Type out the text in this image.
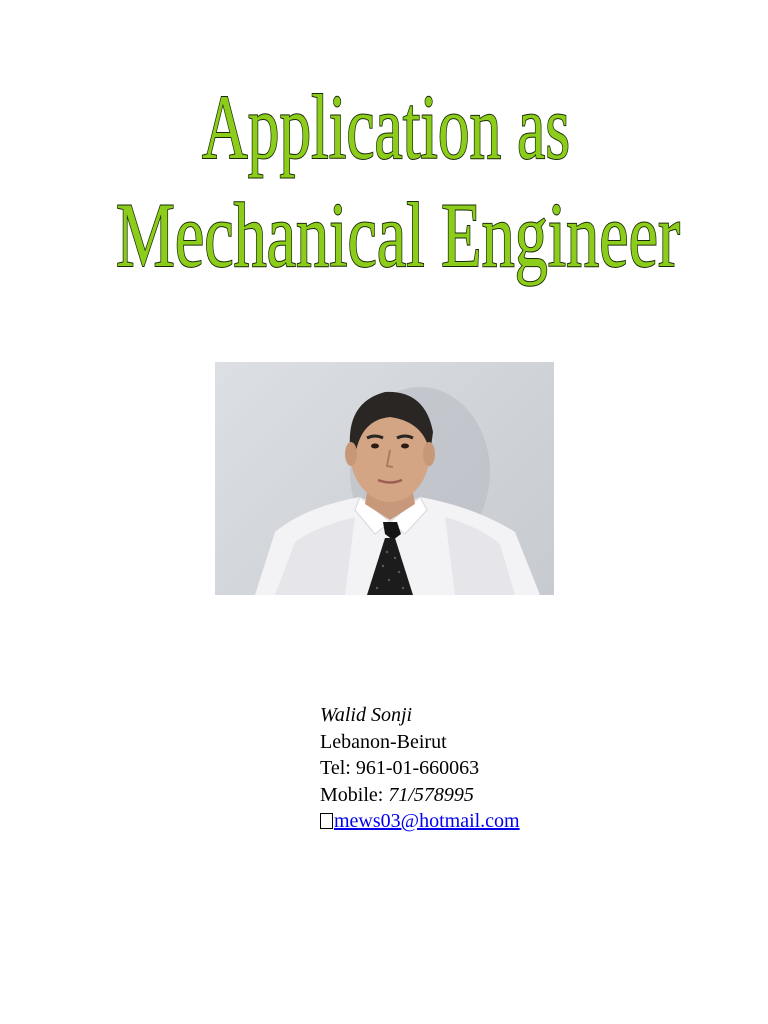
Application as
Mechanical Engineer
Walid Sonji
Lebanon-Beirut
Tel: 961-01-660063
Mobile: 71/578995
mews03@hotmail.com
